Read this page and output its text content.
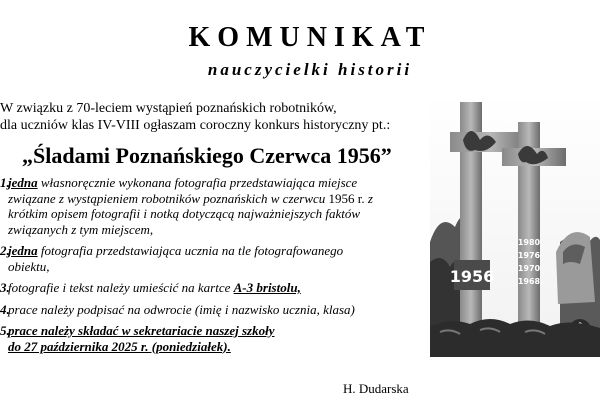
KOMUNIKAT
nauczycielki historii
W związku z 70-leciem wystąpień poznańskich robotników,
dla uczniów klas IV-VIII ogłaszam coroczny konkurs historyczny pt.:
„Śladami Poznańskiego Czerwca 1956”
1.
jedna własnoręcznie wykonana fotografia przedstawiająca miejsce
związane z wystąpieniem robotników poznańskich w czerwcu 1956 r. z
krótkim opisem fotografii i notką dotyczącą najważniejszych faktów
związanych z tym miejscem,
2.
jedna fotografia przedstawiająca ucznia na tle fotografowanego
obiektu,
3.
fotografie i tekst należy umieścić na kartce A-3 bristolu,
4.
prace należy podpisać na odwrocie (imię i nazwisko ucznia, klasa)
5.
prace należy składać w sekretariacie naszej szkoły
do 27 października 2025 r. (poniedziałek).
H. Dudarska
1980
1976
1970
1968
1956
